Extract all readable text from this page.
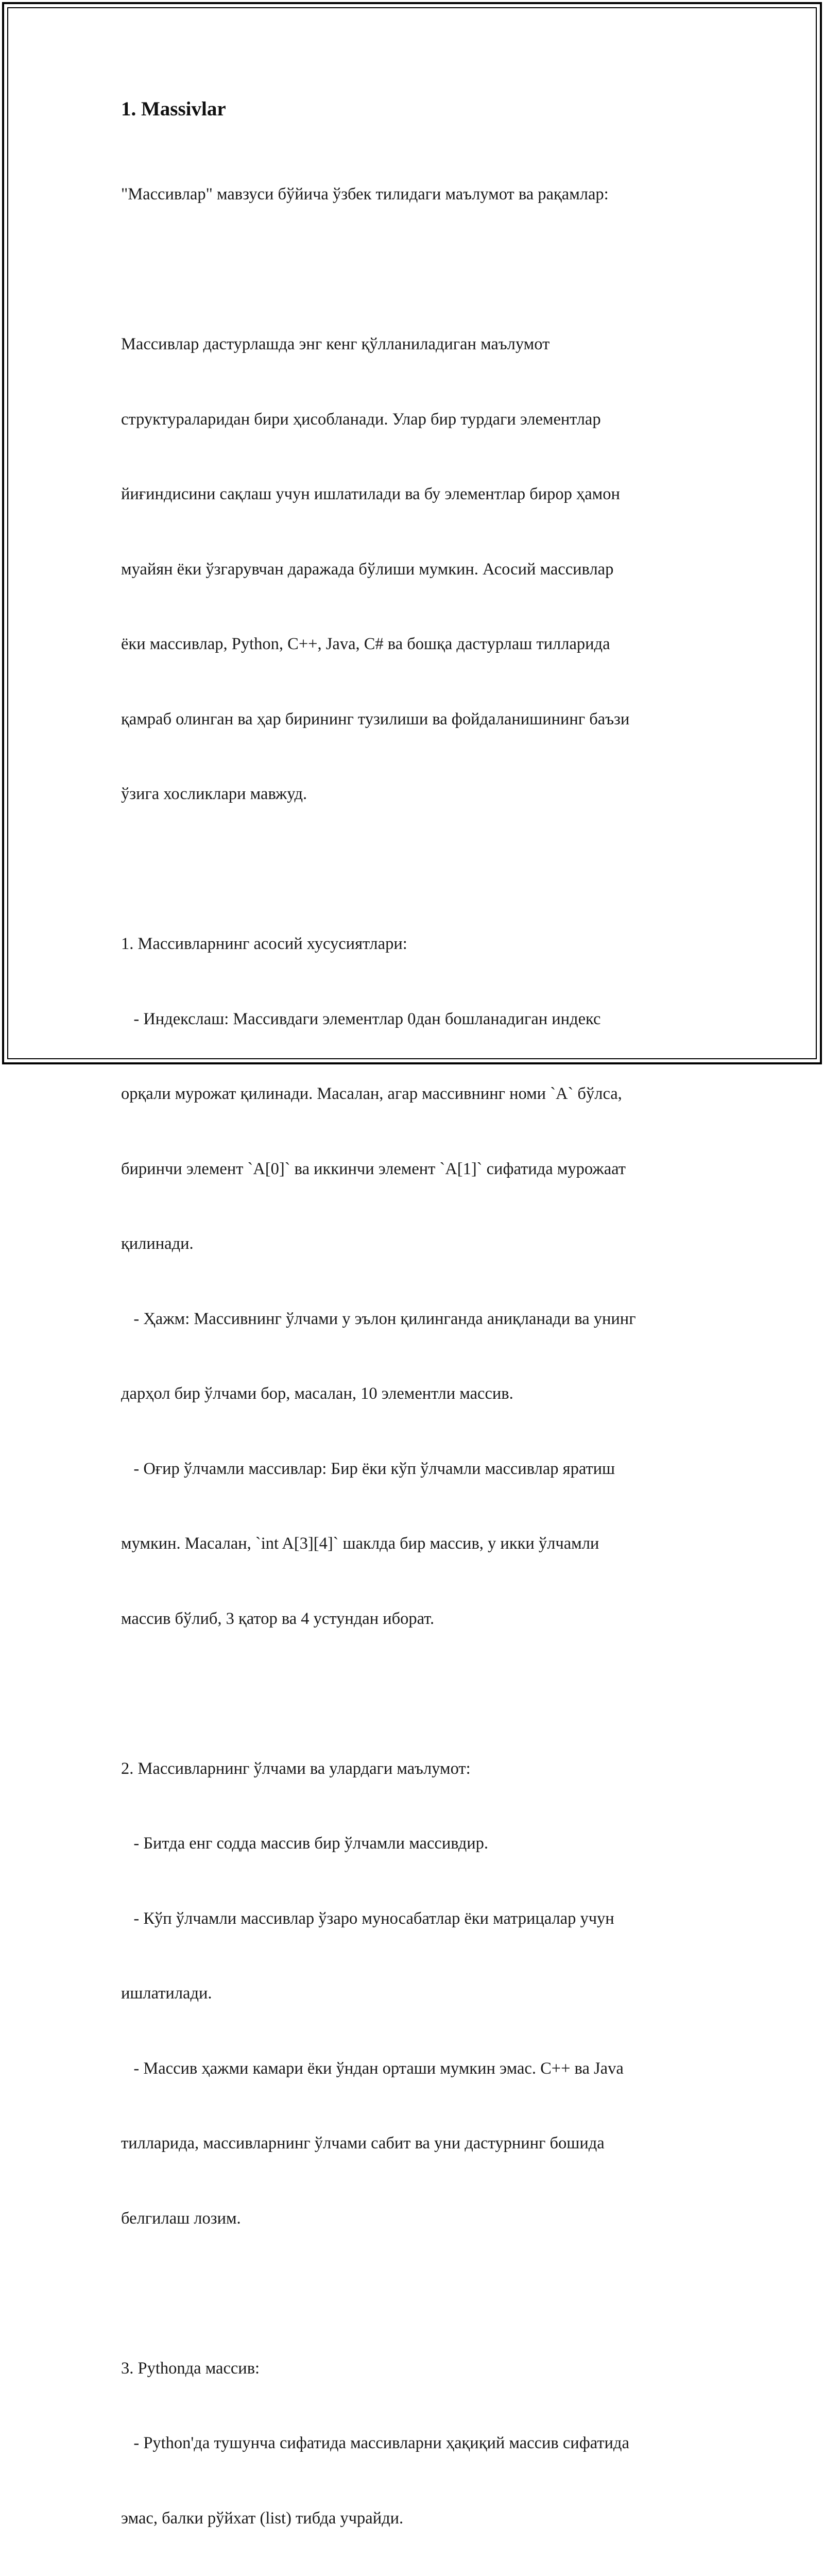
1. Massivlar

"Массивлар" мавзуси бўйича ўзбек тилидаги маълумот ва рақамлар:

Массивлар дастурлашда энг кенг қўлланиладиган маълумот

структураларидан бири ҳисобланади. Улар бир турдаги элементлар

йиғиндисини сақлаш учун ишлатилади ва бу элементлар бирор ҳамон

муайян ёки ўзгарувчан даражада бўлиши мумкин. Асосий массивлар

ёки массивлар, Python, C++, Java, C# ва бошқа дастурлаш тилларида

қамраб олинган ва ҳар бирининг тузилиши ва фойдаланишининг баъзи

ўзига хосликлари мавжуд.

1. Массивларнинг асосий хусусиятлари:

- Индекслаш: Массивдаги элементлар 0дан бошланадиган индекс

орқали мурожат қилинади. Масалан, агар массивнинг номи `A` бўлса,

биринчи элемент `A[0]` ва иккинчи элемент `A[1]` сифатида мурожаат

қилинади.

- Ҳажм: Массивнинг ўлчами у эълон қилинганда аниқланади ва унинг

дарҳол бир ўлчами бор, масалан, 10 элементли массив.

- Оғир ўлчамли массивлар: Бир ёки кўп ўлчамли массивлар яратиш

мумкин. Масалан, `int A[3][4]` шаклда бир массив, у икки ўлчамли

массив бўлиб, 3 қатор ва 4 устундан иборат.

2. Массивларнинг ўлчами ва улардаги маълумот:

- Битда енг содда массив бир ўлчамли массивдир.

- Кўп ўлчамли массивлар ўзаро муносабатлар ёки матрицалар учун

ишлатилади.

- Массив ҳажми камари ёки ўндан орташи мумкин эмас. C++ ва Java

тилларида, массивларнинг ўлчами сабит ва уни дастурнинг бошида

белгилаш лозим.

3. Pythonда массив:

- Python'да тушунча сифатида массивларни ҳақиқий массив сифатида

эмас, балки рўйхат (list) тибда учрайди.
